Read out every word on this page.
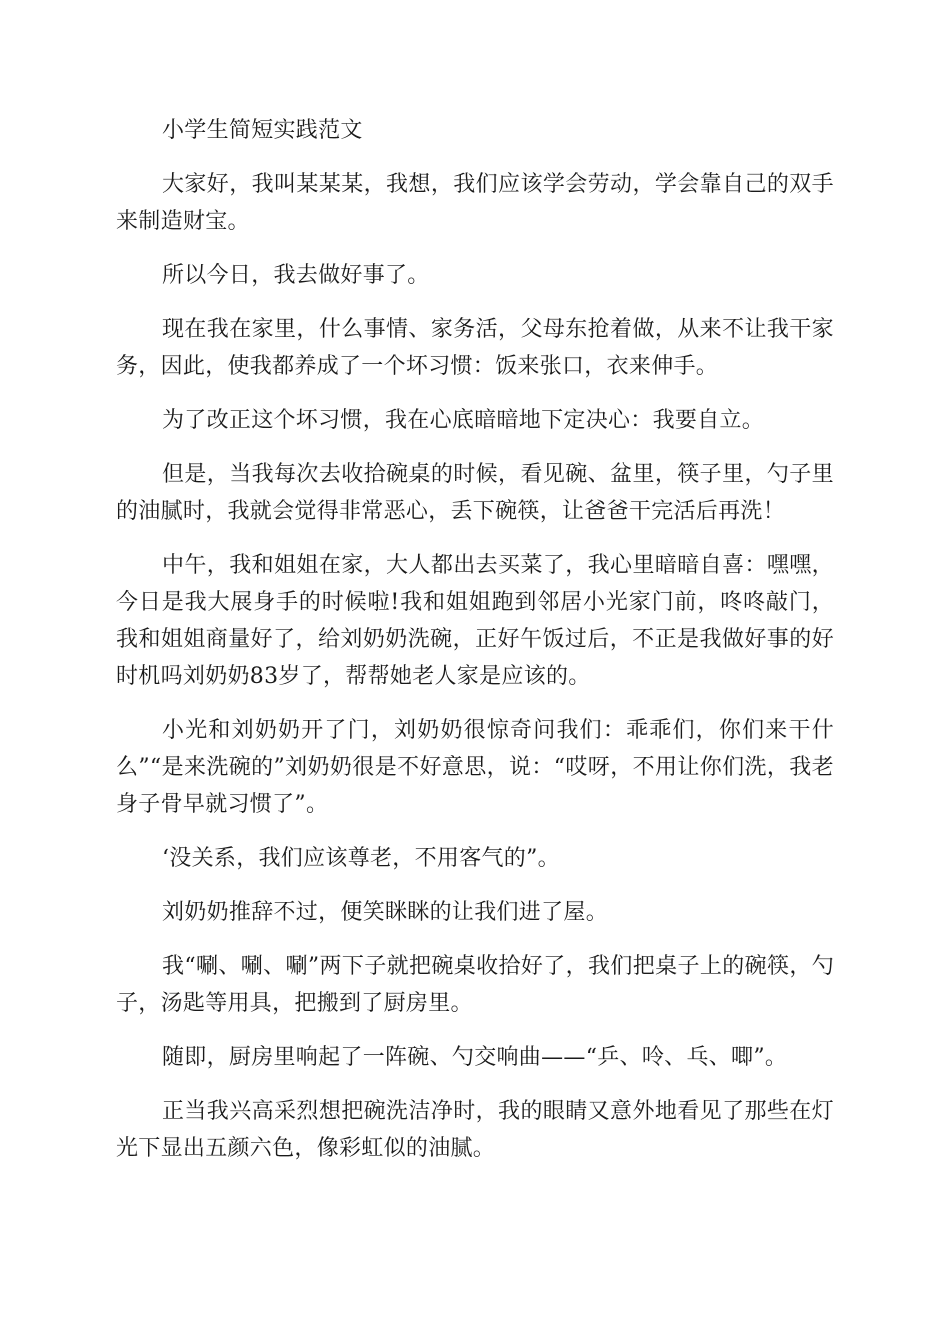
小学生简短实践范文

大家好，我叫某某某，我想，我们应该学会劳动，学会靠自己的双手来制造财宝。

所以今日，我去做好事了。

现在我在家里，什么事情、家务活，父母东抢着做，从来不让我干家务，因此，使我都养成了一个坏习惯：饭来张口，衣来伸手。

为了改正这个坏习惯，我在心底暗暗地下定决心：我要自立。

但是，当我每次去收拾碗桌的时候，看见碗、盆里，筷子里，勺子里的油腻时，我就会觉得非常恶心，丢下碗筷，让爸爸干完活后再洗！

中午，我和姐姐在家，大人都出去买菜了，我心里暗暗自喜：嘿嘿，今日是我大展身手的时候啦!我和姐姐跑到邻居小光家门前，咚咚敲门，我和姐姐商量好了，给刘奶奶洗碗，正好午饭过后，不正是我做好事的好时机吗刘奶奶83岁了，帮帮她老人家是应该的。

小光和刘奶奶开了门，刘奶奶很惊奇问我们：乖乖们，你们来干什么”“是来洗碗的”刘奶奶很是不好意思，说：“哎呀，不用让你们洗，我老身子骨早就习惯了”。

‘没关系，我们应该尊老，不用客气的”。

刘奶奶推辞不过，便笑眯眯的让我们进了屋。

我“唰、唰、唰”两下子就把碗桌收拾好了，我们把桌子上的碗筷，勺子，汤匙等用具，把搬到了厨房里。

随即，厨房里响起了一阵碗、勺交响曲——“乒、呤、乓、唧”。

正当我兴高采烈想把碗洗洁净时，我的眼睛又意外地看见了那些在灯光下显出五颜六色，像彩虹似的油腻。
